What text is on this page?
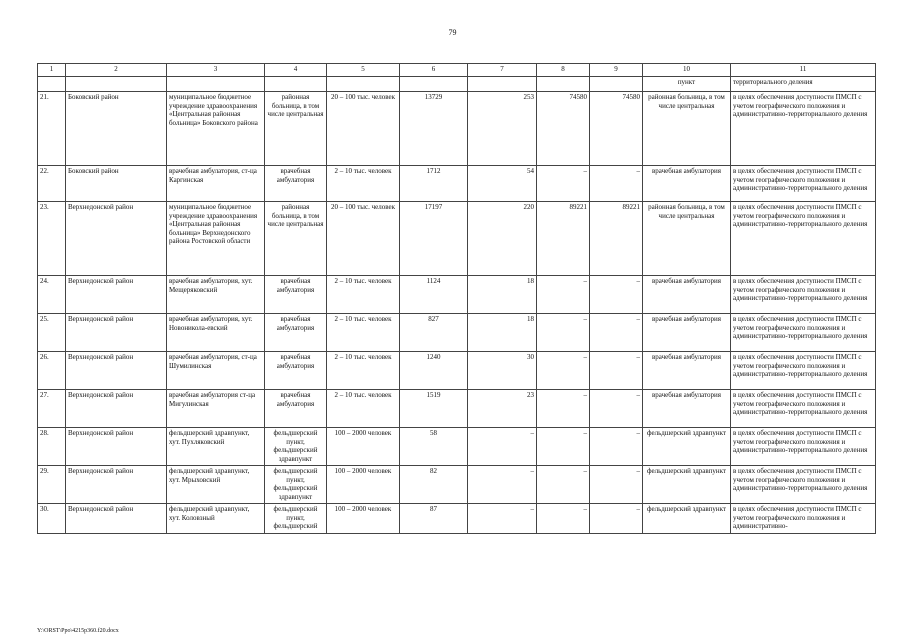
79
1	2	3	4	5	6	7	8	9	10	11
									пункт	территориального деления
21.	Боковский район	муниципальное бюджетное учреждение здравоохранения «Центральная районная больница» Боковского района	районная больница, в том числе центральная	20 – 100 тыс. человек	13729	253	74580	74580	районная больница, в том числе центральная	в целях обеспечения доступности ПМСП с учетом географического положения и административно-территориального деления
22.	Боковский район	врачебная амбулатория, ст-ца Каргинская	врачебная амбулатория	2 – 10 тыс. человек	1712	54	–	–	врачебная амбулатория	в целях обеспечения доступности ПМСП с учетом географического положения и административно-территориального деления
23.	Верхнедонской район	муниципальное бюджетное учреждение здравоохранения «Центральная районная больница» Верхнедонского района Ростовской области	районная больница, в том числе центральная	20 – 100 тыс. человек	17197	220	89221	89221	районная больница, в том числе центральная	в целях обеспечения доступности ПМСП с учетом географического положения и административно-территориального деления
24.	Верхнедонской район	врачебная амбулатория, хут. Мещеряковский	врачебная амбулатория	2 – 10 тыс. человек	1124	18	–	–	врачебная амбулатория	в целях обеспечения доступности ПМСП с учетом географического положения и административно-территориального деления
25.	Верхнедонской район	врачебная амбулатория, хут. Новоникола-евский	врачебная амбулатория	2 – 10 тыс. человек	827	18	–	–	врачебная амбулатория	в целях обеспечения доступности ПМСП с учетом географического положения и административно-территориального деления
26.	Верхнедонской район	врачебная амбулатория, ст-ца Шумилинская	врачебная амбулатория	2 – 10 тыс. человек	1240	30	–	–	врачебная амбулатория	в целях обеспечения доступности ПМСП с учетом географического положения и административно-территориального деления
27.	Верхнедонской район	врачебная амбулатория ст-ца Мигулинская	врачебная амбулатория	2 – 10 тыс. человек	1519	23	–	–	врачебная амбулатория	в целях обеспечения доступности ПМСП с учетом географического положения и административно-территориального деления
28.	Верхнедонской район	фельдшерский здравпункт, хут. Пухляковский	фельдшерский пункт, фельдшерский здравпункт	100 – 2000 человек	58	–	–	–	фельдшерский здравпункт	в целях обеспечения доступности ПМСП с учетом географического положения и административно-территориального деления
29.	Верхнедонской район	фельдшерский здравпункт, хут. Мрыховский	фельдшерский пункт, фельдшерский здравпункт	100 – 2000 человек	82	–	–	–	фельдшерский здравпункт	в целях обеспечения доступности ПМСП с учетом географического положения и административно-территориального деления
30.	Верхнедонской район	фельдшерский здравпункт, хут. Коловзный	фельдшерский пункт, фельдшерский	100 – 2000 человек	87	–	–	–	фельдшерский здравпункт	в целях обеспечения доступности ПМСП с учетом географического положения и административно-
Y:\ORST\Ppo\4215p360.f20.docx
